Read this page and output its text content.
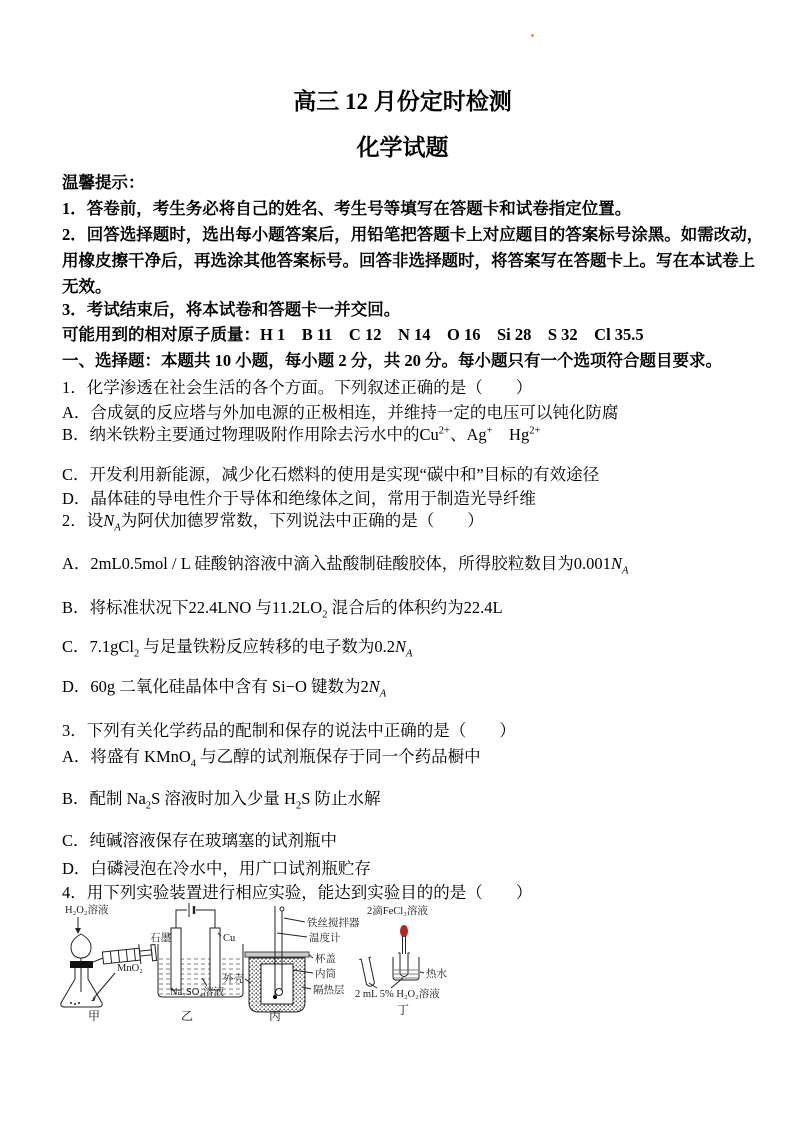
高三 12 月份定时检测
化学试题
温馨提示：
1．答卷前，考生务必将自己的姓名、考生号等填写在答题卡和试卷指定位置。
2．回答选择题时，选出每小题答案后，用铅笔把答题卡上对应题目的答案标号涂黑。如需改动，
用橡皮擦干净后，再选涂其他答案标号。回答非选择题时，将答案写在答题卡上。写在本试卷上
无效。
3．考试结束后，将本试卷和答题卡一并交回。
可能用到的相对原子质量：H 1　B 11　C 12　N 14　O 16　Si 28　S 32　Cl 35.5
一、选择题：本题共 10 小题，每小题 2 分，共 20 分。每小题只有一个选项符合题目要求。
1．化学渗透在社会生活的各个方面。下列叙述正确的是（　　）
A．合成氨的反应塔与外加电源的正极相连，并维持一定的电压可以钝化防腐
B．纳米铁粉主要通过物理吸附作用除去污水中的$Cu^{2+}$、Ag+　$Hg^{2+}$
C．开发利用新能源，减少化石燃料的使用是实现“碳中和”目标的有效途径
D．晶体硅的导电性介于导体和绝缘体之间，常用于制造光导纤维
2．设$N_A$为阿伏加德罗常数，下列说法中正确的是（　　）
A．2mL0.5mol / L 硅酸钠溶液中滴入盐酸制硅酸胶体，所得胶粒数目为$0.001N_A$
B．将标准状况下22.4LNO 与$11.2LO_2$ 混合后的体积约为22.4L
C．7.1gCl$_2$ 与足量铁粉反应转移的电子数为$0.2N_A$
D．60g 二氧化硅晶体中含有 Si−O 键数为$2N_A$
3．下列有关化学药品的配制和保存的说法中正确的是（　　）
A．将盛有 KMnO$_4$ 与乙醇的试剂瓶保存于同一个药品橱中
B．配制 $Na_2S$ 溶液时加入少量 $H_2S$ 防止水解
C．纯碱溶液保存在玻璃塞的试剂瓶中
D．白磷浸泡在冷水中，用广口试剂瓶贮存
4．用下列实验装置进行相应实验，能达到实验目的的是（　　）
H₂O₂溶液
MnO₂
甲
石墨	Cu
Na₂SO₄溶液
乙
铁丝搅拌器
温度计
杯盖
内筒
隔热层
外壳
丙
2滴FeCl₃溶液
热水
2 mL 5% H₂O₂溶液
丁
